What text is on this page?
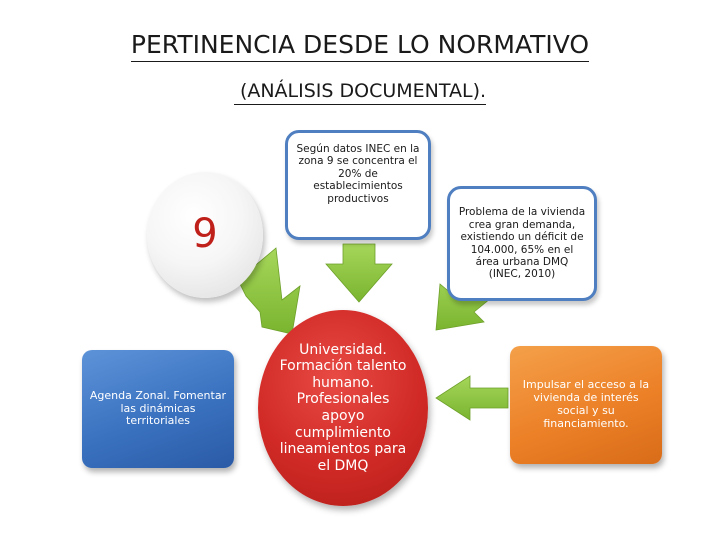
PERTINENCIA DESDE LO NORMATIVO
(ANÁLISIS DOCUMENTAL).
9
Según datos INEC en la zona 9 se concentra el 20% de establecimientos productivos
Problema de la vivienda crea gran demanda, existiendo un déficit de 104.000, 65% en el área urbana DMQ (INEC, 2010)
Agenda Zonal. Fomentar las dinámicas territoriales
Universidad. Formación talento humano. Profesionales apoyo cumplimiento lineamientos para el DMQ
Impulsar el acceso a la vivienda de interés social y su financiamiento.
